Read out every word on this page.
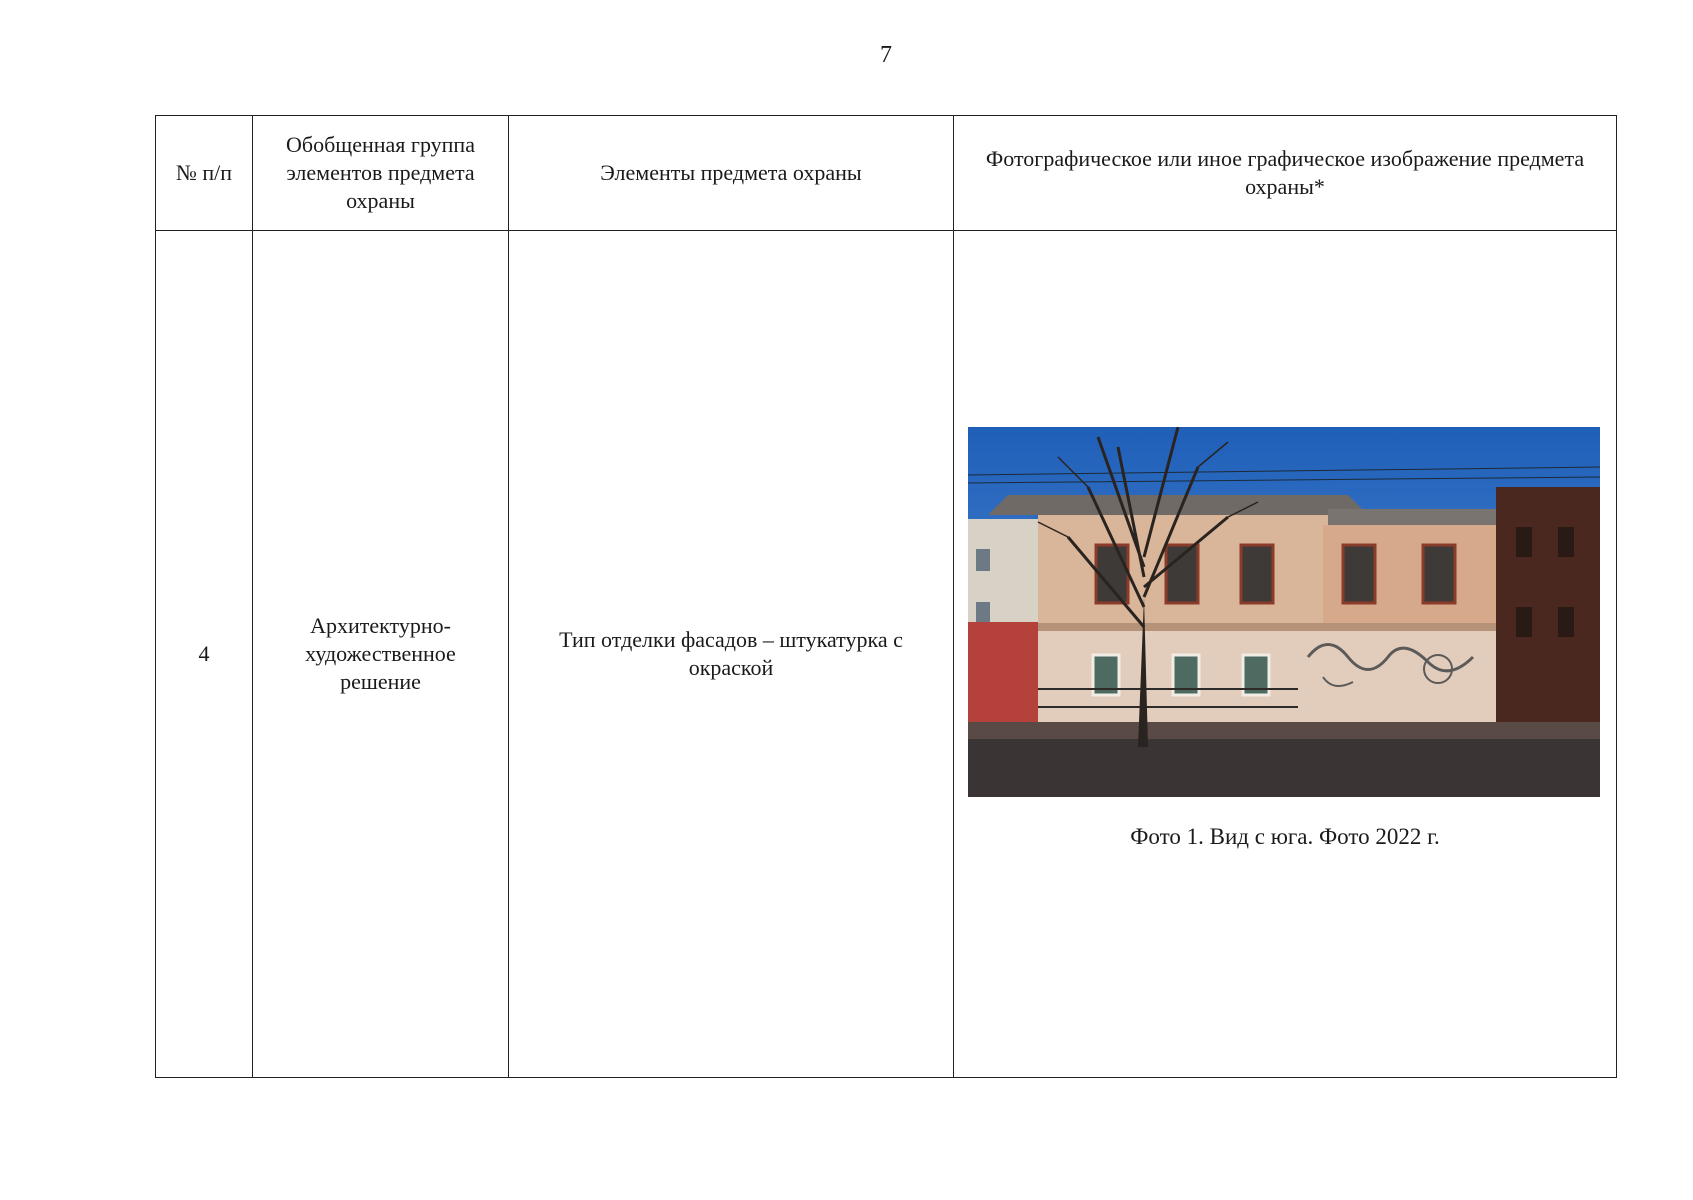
7
№ п/п	Обобщенная группа элементов предмета охраны	Элементы предмета охраны	Фотографическое или иное графическое изображение предмета охраны*
4	Архитектурно-художественное решение	Тип отделки фасадов – штукатурка с окраской	Фото 1. Вид с юга. Фото 2022 г.
